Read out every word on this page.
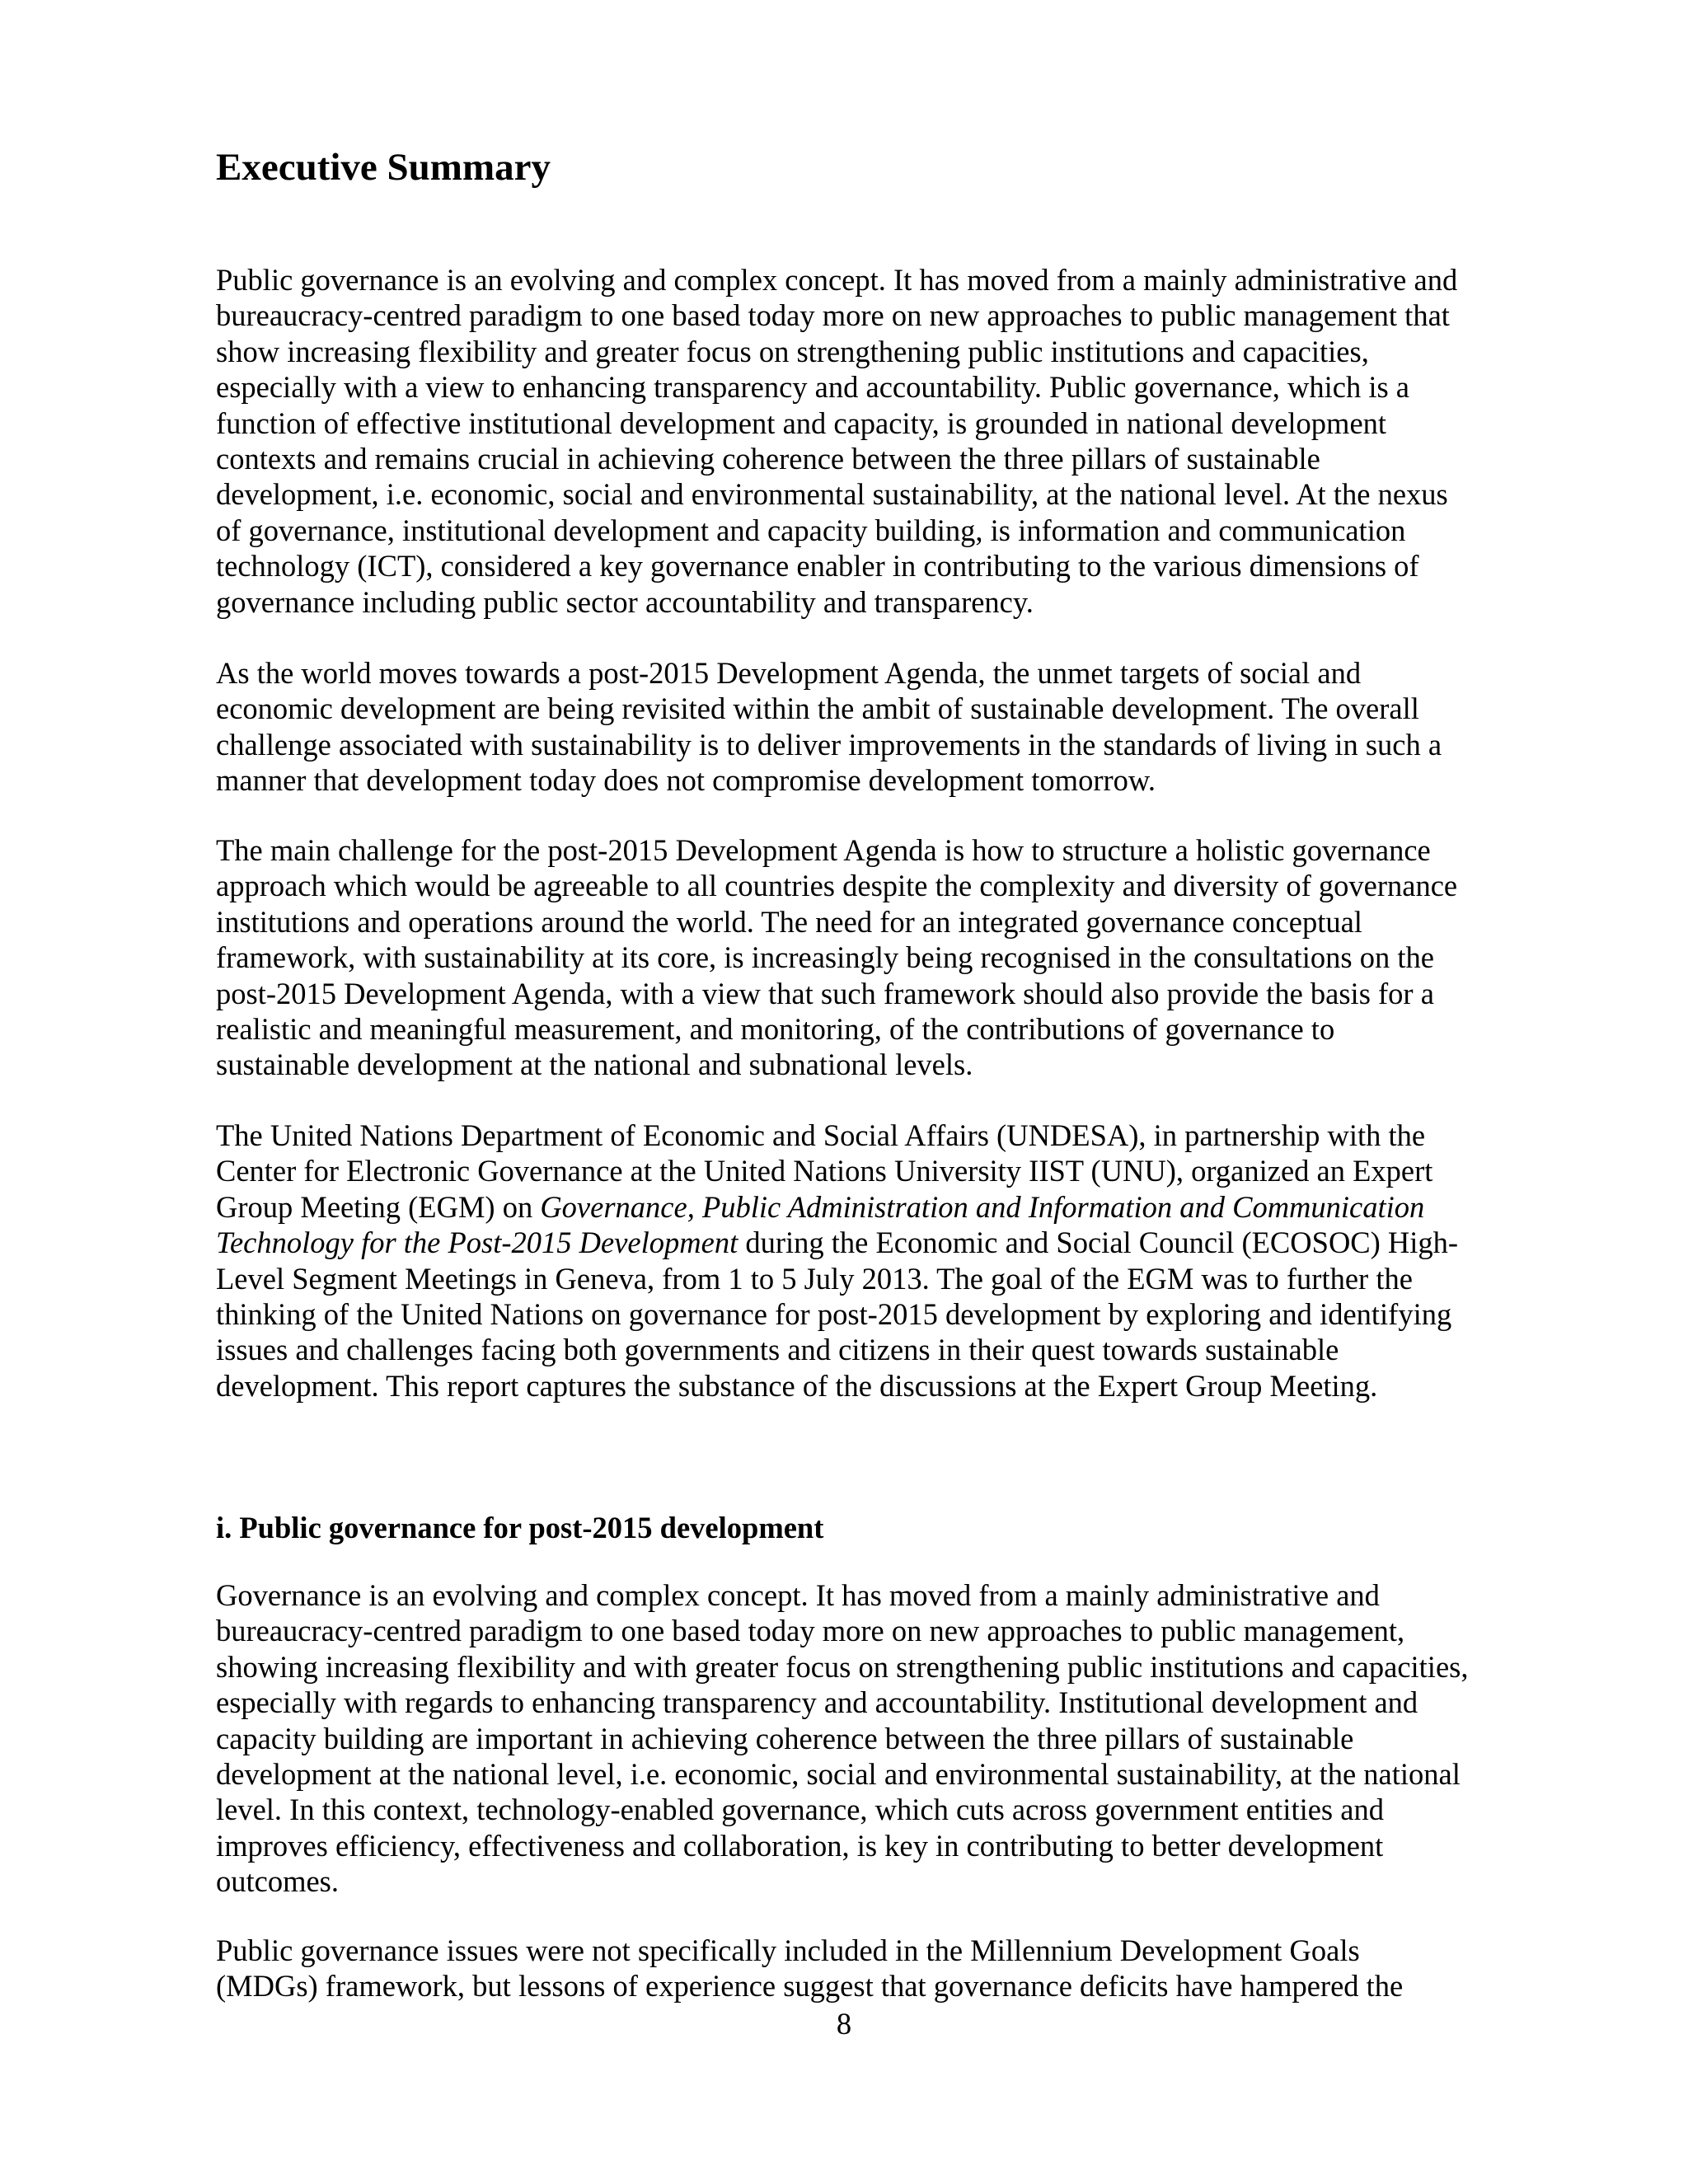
Executive Summary

Public governance is an evolving and complex concept. It has moved from a mainly administrative and bureaucracy-centred paradigm to one based today more on new approaches to public management that show increasing flexibility and greater focus on strengthening public institutions and capacities, especially with a view to enhancing transparency and accountability. Public governance, which is a function of effective institutional development and capacity, is grounded in national development contexts and remains crucial in achieving coherence between the three pillars of sustainable development, i.e. economic, social and environmental sustainability, at the national level. At the nexus of governance, institutional development and capacity building, is information and communication technology (ICT), considered a key governance enabler in contributing to the various dimensions of governance including public sector accountability and transparency.

As the world moves towards a post-2015 Development Agenda, the unmet targets of social and economic development are being revisited within the ambit of sustainable development. The overall challenge associated with sustainability is to deliver improvements in the standards of living in such a manner that development today does not compromise development tomorrow.

The main challenge for the post-2015 Development Agenda is how to structure a holistic governance approach which would be agreeable to all countries despite the complexity and diversity of governance institutions and operations around the world. The need for an integrated governance conceptual framework, with sustainability at its core, is increasingly being recognised in the consultations on the post-2015 Development Agenda, with a view that such framework should also provide the basis for a realistic and meaningful measurement, and monitoring, of the contributions of governance to sustainable development at the national and subnational levels.

The United Nations Department of Economic and Social Affairs (UNDESA), in partnership with the Center for Electronic Governance at the United Nations University IIST (UNU), organized an Expert Group Meeting (EGM) on Governance, Public Administration and Information and Communication Technology for the Post-2015 Development during the Economic and Social Council (ECOSOC) High-Level Segment Meetings in Geneva, from 1 to 5 July 2013. The goal of the EGM was to further the thinking of the United Nations on governance for post-2015 development by exploring and identifying issues and challenges facing both governments and citizens in their quest towards sustainable development. This report captures the substance of the discussions at the Expert Group Meeting.

i. Public governance for post-2015 development

Governance is an evolving and complex concept. It has moved from a mainly administrative and bureaucracy-centred paradigm to one based today more on new approaches to public management, showing increasing flexibility and with greater focus on strengthening public institutions and capacities, especially with regards to enhancing transparency and accountability. Institutional development and capacity building are important in achieving coherence between the three pillars of sustainable development at the national level, i.e. economic, social and environmental sustainability, at the national level. In this context, technology-enabled governance, which cuts across government entities and improves efficiency, effectiveness and collaboration, is key in contributing to better development outcomes.

Public governance issues were not specifically included in the Millennium Development Goals (MDGs) framework, but lessons of experience suggest that governance deficits have hampered the

8
